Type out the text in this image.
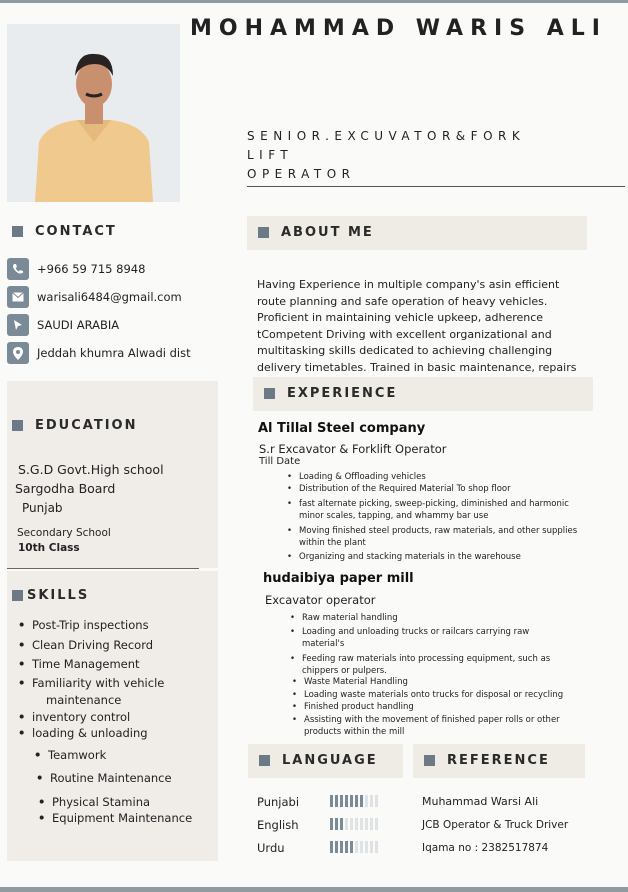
MOHAMMAD WARIS ALI
SENIOR.EXCUVATOR&FORK
LIFT
OPERATOR
CONTACT
+966 59 715 8948
warisali6484@gmail.com
SAUDI ARABIA
Jeddah khumra Alwadi dist
EDUCATION
S.G.D Govt.High school
Sargodha Board
Punjab
Secondary School
10th Class
SKILLS
• Post-Trip inspections
• Clean Driving Record
• Time Management
• Familiarity with vehicle
maintenance
• inventory control
• loading & unloading
• Teamwork
• Routine Maintenance
• Physical Stamina
• Equipment Maintenance
ABOUT ME
Having Experience in multiple company's asin efficient route planning and safe operation of heavy vehicles. Proficient in maintaining vehicle upkeep, adherence tCompetent Driving with excellent organizational and multitasking skills dedicated to achieving challenging delivery timetables. Trained in basic maintenance, repairs
EXPERIENCE
Al Tillal Steel company
S.r Excavator & Forklift Operator
Till Date
• Loading & Offloading vehicles
• Distribution of the Required Material To shop floor
• fast alternate picking, sweep-picking, diminished and harmonic minor scales, tapping, and whammy bar use
• Moving finished steel products, raw materials, and other supplies within the plant
• Organizing and stacking materials in the warehouse
hudaibiya paper mill
Excavator operator
• Raw material handling
• Loading and unloading trucks or railcars carrying raw material's
• Feeding raw materials into processing equipment, such as chippers or pulpers.
• Waste Material Handling
• Loading waste materials onto trucks for disposal or recycling
• Finished product handling
• Assisting with the movement of finished paper rolls or other products within the mill
LANGUAGE
Punjabi
English
Urdu
REFERENCE
Muhammad Warsi Ali
JCB Operator & Truck Driver
Iqama no : 2382517874
